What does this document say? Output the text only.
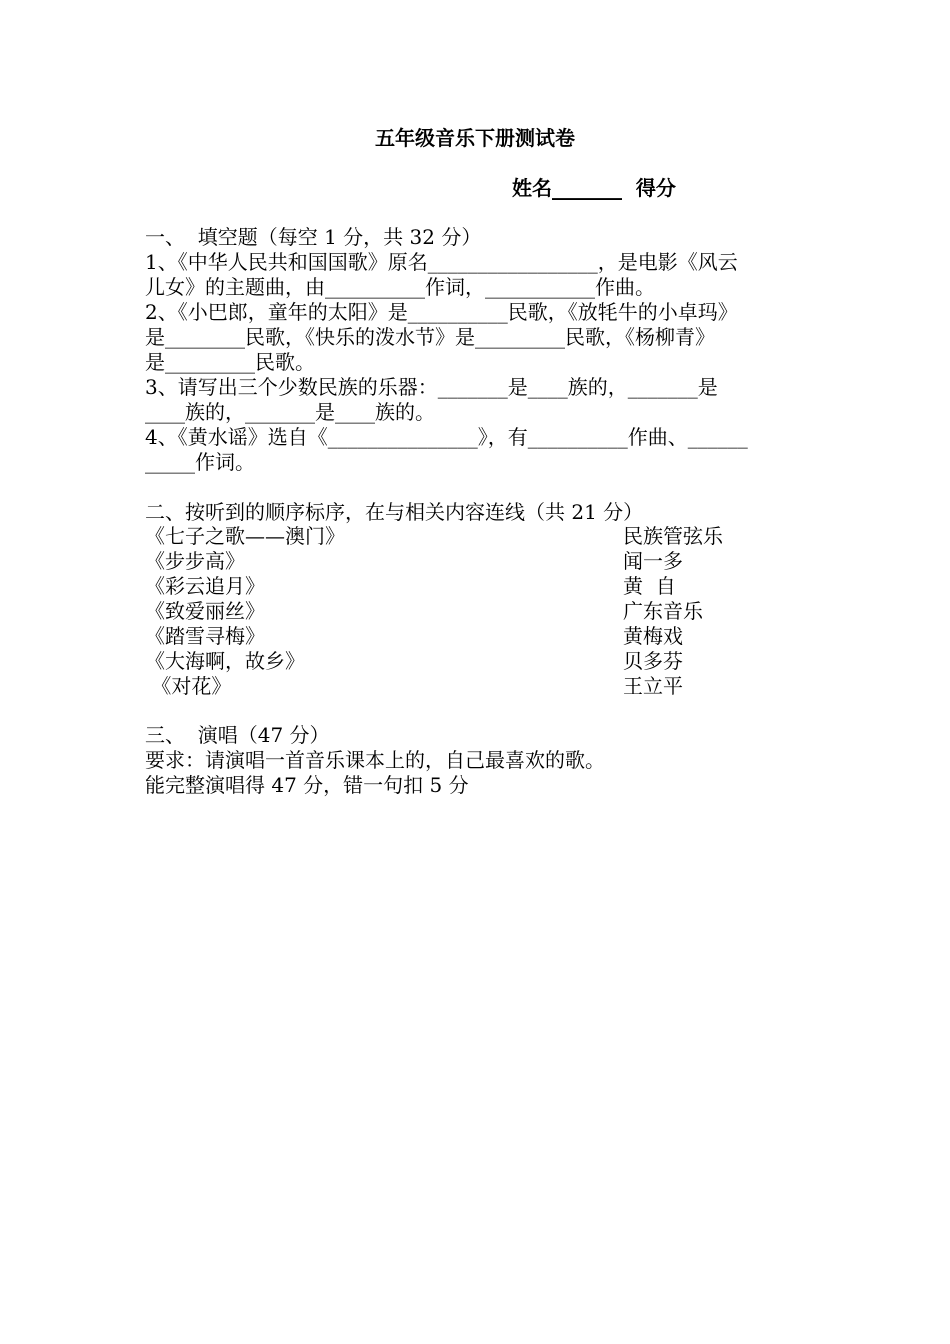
五年级音乐下册测试卷
姓名_______  得分
一、  填空题（每空 1 分，共 32 分）
1、《中华人民共和国国歌》原名_________________，是电影《风云
儿女》的主题曲，由__________作词，___________作曲。
2、《小巴郎，童年的太阳》是__________民歌，《放牦牛的小卓玛》
是________民歌，《快乐的泼水节》是_________民歌，《杨柳青》
是_________民歌。
3、请写出三个少数民族的乐器：_______是____族的，_______是
____族的，_______是____族的。
4、《黄水谣》选自《_______________》，有__________作曲、______
_____作词。
二、按听到的顺序标序，在与相关内容连线（共 21 分）
《七子之歌——澳门》
《步步高》
《彩云追月》
《致爱丽丝》
《踏雪寻梅》
《大海啊，故乡》
《对花》
民族管弦乐
闻一多
黄  自
广东音乐
黄梅戏
贝多芬
王立平
三、  演唱（47 分）
要求：请演唱一首音乐课本上的，自己最喜欢的歌。
能完整演唱得 47 分，错一句扣 5 分
